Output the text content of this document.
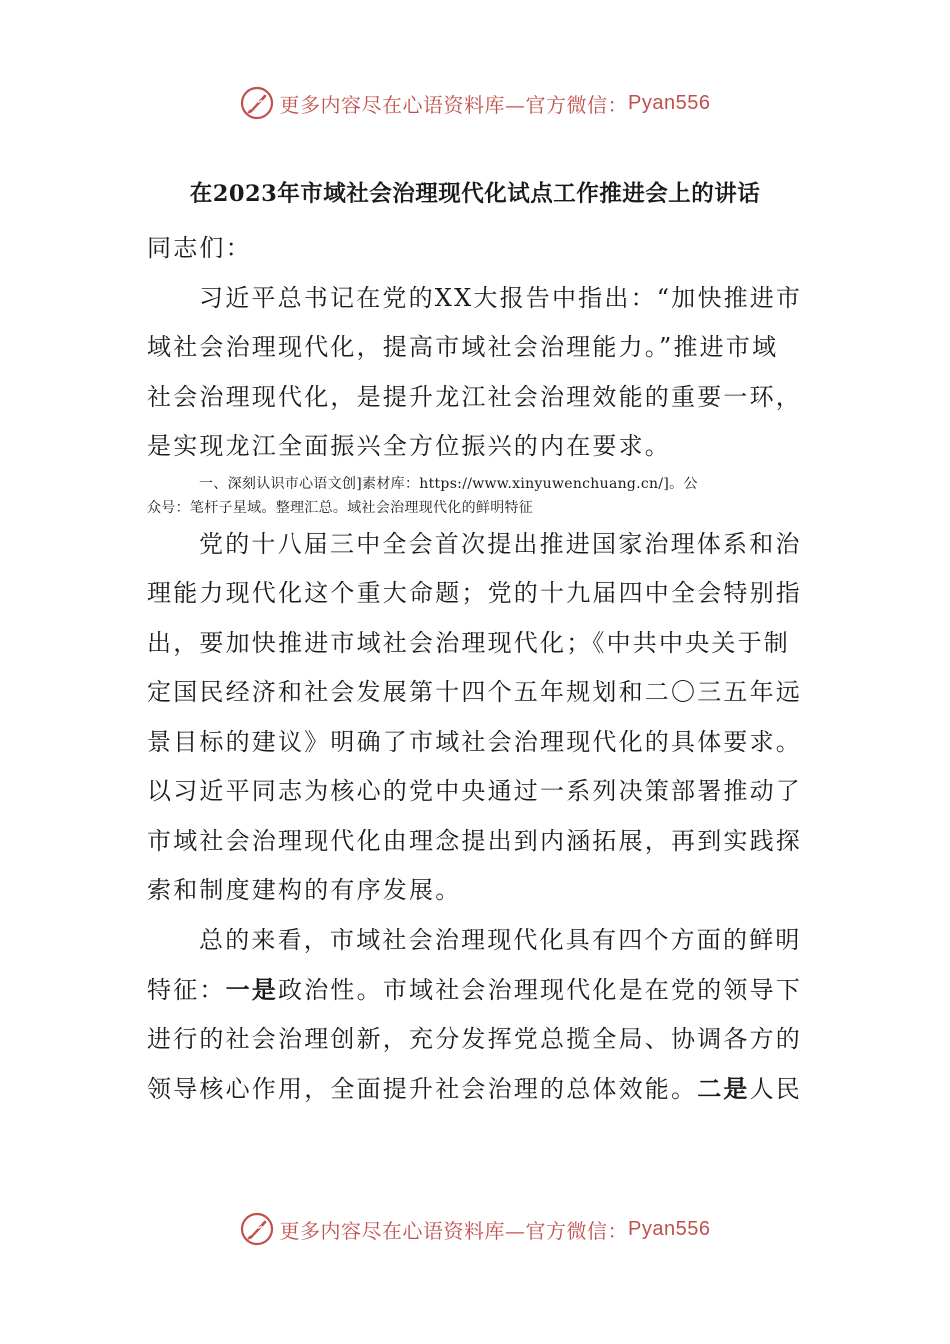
更多内容尽在心语资料库—官方微信： Pyan556
在2023年市域社会治理现代化试点工作推进会上的讲话
同志们：
习近平总书记在党的XX大报告中指出：“加快推进市
域社会治理现代化，提高市域社会治理能力。”推进市域
社会治理现代化，是提升龙江社会治理效能的重要一环，
是实现龙江全面振兴全方位振兴的内在要求。
一、深刻认识市心语文创]素材库：https://www.xinyuwenchuang.cn/]。公
众号：笔杆子星域。整理汇总。域社会治理现代化的鲜明特征
党的十八届三中全会首次提出推进国家治理体系和治
理能力现代化这个重大命题；党的十九届四中全会特别指
出，要加快推进市域社会治理现代化；《中共中央关于制
定国民经济和社会发展第十四个五年规划和二〇三五年远
景目标的建议》明确了市域社会治理现代化的具体要求。
以习近平同志为核心的党中央通过一系列决策部署推动了
市域社会治理现代化由理念提出到内涵拓展，再到实践探
索和制度建构的有序发展。
总的来看，市域社会治理现代化具有四个方面的鲜明
特征：一是政治性。市域社会治理现代化是在党的领导下
进行的社会治理创新，充分发挥党总揽全局、协调各方的
领导核心作用，全面提升社会治理的总体效能。二是人民
更多内容尽在心语资料库—官方微信： Pyan556
